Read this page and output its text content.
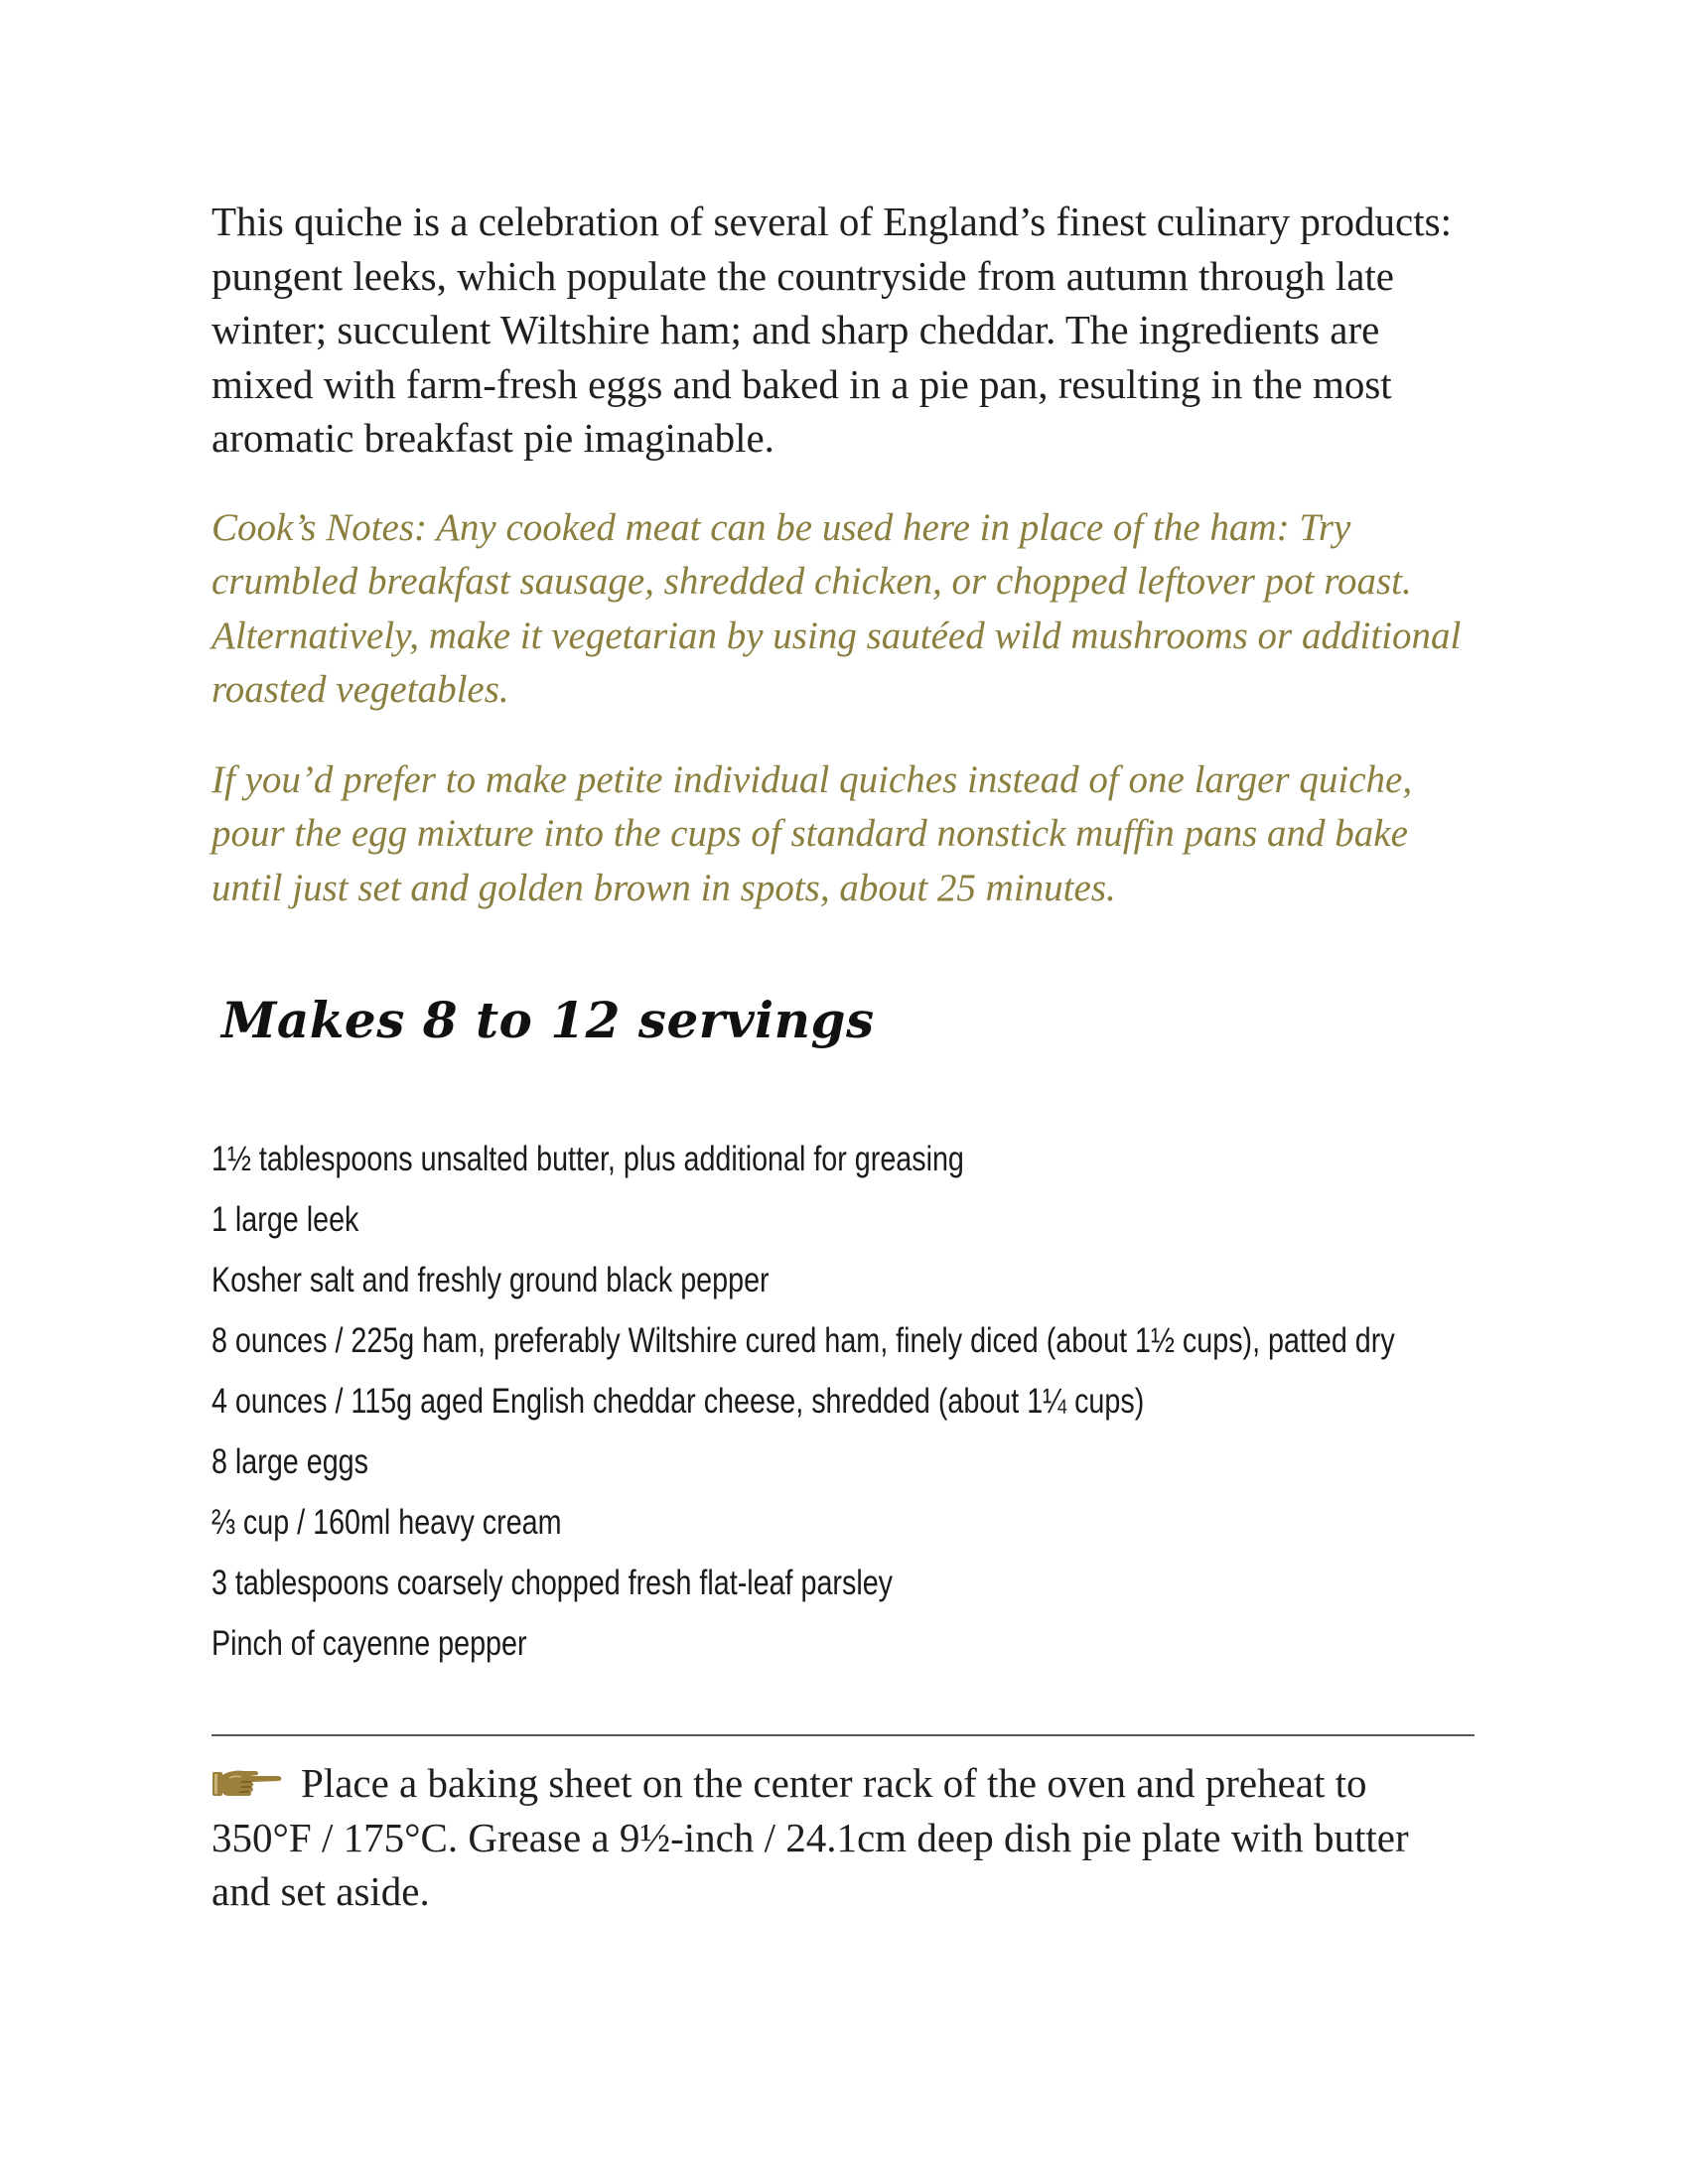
This quiche is a celebration of several of England’s finest culinary products: pungent leeks, which populate the countryside from autumn through late winter; succulent Wiltshire ham; and sharp cheddar. The ingredients are mixed with farm-fresh eggs and baked in a pie pan, resulting in the most aromatic breakfast pie imaginable.

Cook’s Notes: Any cooked meat can be used here in place of the ham: Try crumbled breakfast sausage, shredded chicken, or chopped leftover pot roast. Alternatively, make it vegetarian by using sautéed wild mushrooms or additional roasted vegetables.

If you’d prefer to make petite individual quiches instead of one larger quiche, pour the egg mixture into the cups of standard nonstick muffin pans and bake until just set and golden brown in spots, about 25 minutes.

Makes 8 to 12 servings
1½ tablespoons unsalted butter, plus additional for greasing
1 large leek
Kosher salt and freshly ground black pepper
8 ounces / 225g ham, preferably Wiltshire cured ham, finely diced (about 1½ cups), patted dry
4 ounces / 115g aged English cheddar cheese, shredded (about 1¼ cups)
8 large eggs
⅔ cup / 160ml heavy cream
3 tablespoons coarsely chopped fresh flat-leaf parsley
Pinch of cayenne pepper

Place a baking sheet on the center rack of the oven and preheat to 350°F / 175°C. Grease a 9½-inch / 24.1cm deep dish pie plate with butter and set aside.
